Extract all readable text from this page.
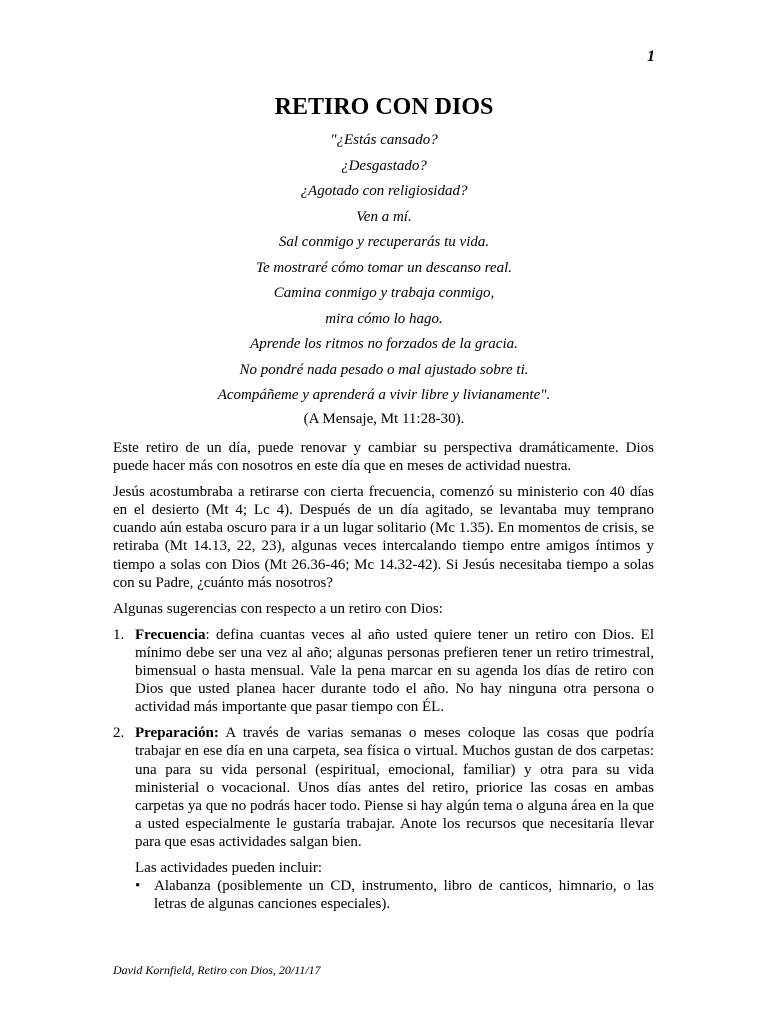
1
RETIRO CON DIOS
"¿Estás cansado?
¿Desgastado?
¿Agotado con religiosidad?
Ven a mí.
Sal conmigo y recuperarás tu vida.
Te mostraré cómo tomar un descanso real.
Camina conmigo y trabaja conmigo,
mira cómo lo hago.
Aprende los ritmos no forzados de la gracia.
No pondré nada pesado o mal ajustado sobre ti.
Acompáñeme y aprenderá a vivir libre y livianamente".
(A Mensaje, Mt 11:28-30).

Este retiro de un día, puede renovar y cambiar su perspectiva dramáticamente. Dios puede hacer más con nosotros en este día que en meses de actividad nuestra.

Jesús acostumbraba a retirarse con cierta frecuencia, comenzó su ministerio con 40 días en el desierto (Mt 4; Lc 4). Después de un día agitado, se levantaba muy temprano cuando aún estaba oscuro para ir a un lugar solitario (Mc 1.35). En momentos de crisis, se retiraba (Mt 14.13, 22, 23), algunas veces intercalando tiempo entre amigos íntimos y tiempo a solas con Dios (Mt 26.36-46; Mc 14.32-42). Si Jesús necesitaba tiempo a solas con su Padre, ¿cuánto más nosotros?

Algunas sugerencias con respecto a un retiro con Dios:

1. Frecuencia: defina cuantas veces al año usted quiere tener un retiro con Dios. El mínimo debe ser una vez al año; algunas personas prefieren tener un retiro trimestral, bimensual o hasta mensual. Vale la pena marcar en su agenda los días de retiro con Dios que usted planea hacer durante todo el año. No hay ninguna otra persona o actividad más importante que pasar tiempo con ÉL.
2. Preparación: A través de varias semanas o meses coloque las cosas que podría trabajar en ese día en una carpeta, sea física o virtual. Muchos gustan de dos carpetas: una para su vida personal (espiritual, emocional, familiar) y otra para su vida ministerial o vocacional. Unos días antes del retiro, priorice las cosas en ambas carpetas ya que no podrás hacer todo. Piense si hay algún tema o alguna área en la que a usted especialmente le gustaría trabajar. Anote los recursos que necesitaría llevar para que esas actividades salgan bien.
Las actividades pueden incluir:
• Alabanza (posiblemente un CD, instrumento, libro de canticos, himnario, o las letras de algunas canciones especiales).
David Kornfield, Retiro con Dios, 20/11/17
